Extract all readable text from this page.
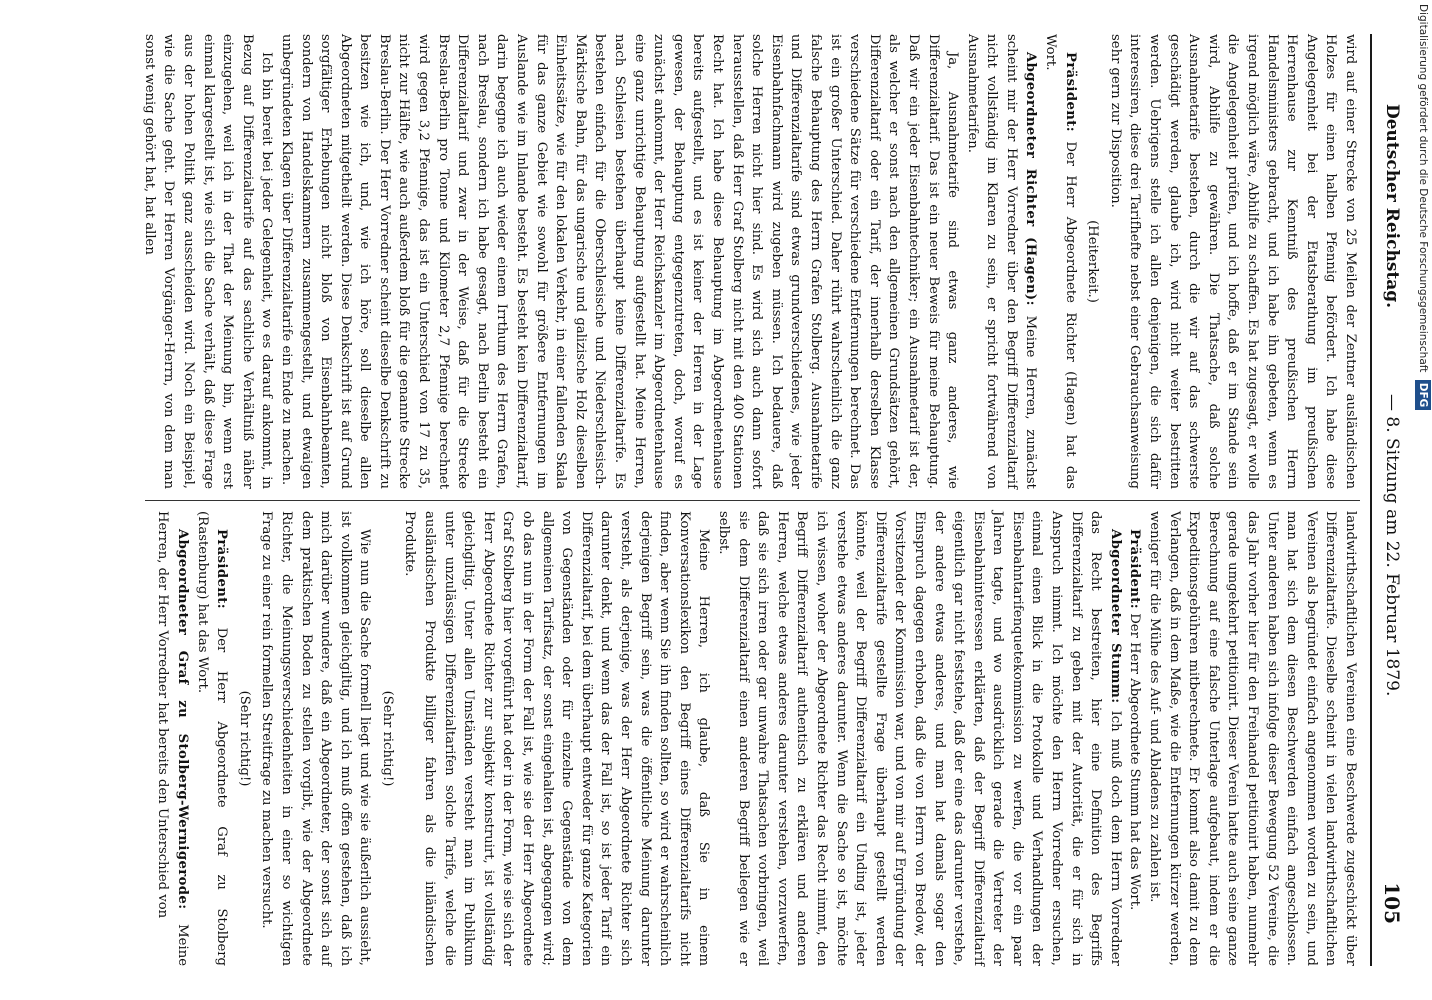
Deutscher Reichstag.
— 8. Sitzung am 22. Februar 1879.
105

wird auf einer Strecke von 25 Meilen der Zentner ausländischen Holzes für einen halben Pfennig befördert. Ich habe diese Angelegenheit bei der Etatsberathung im preußischen Herrenhause zur Kenntniß des preußischen Herrn Handelsministers gebracht, und ich habe ihn gebeten, wenn es irgend möglich wäre, Abhilfe zu schaffen. Es hat zugesagt, er wolle die Angelegenheit prüfen, und ich hoffe, daß er im Stande sein wird, Abhilfe zu gewähren. Die Thatsache, daß solche Ausnahmetarife bestehen, durch die wir auf das schwerste geschädigt werden, glaube ich, wird nicht weiter bestritten werden. Uebrigens stelle ich allen denjenigen, die sich dafür interessiren, diese drei Tarifhefte nebst einer Gebrauchsanweisung sehr gern zur Disposition.

(Heiterkeit.)

Präsident: Der Herr Abgeordnete Richter (Hagen) hat das Wort.

Abgeordneter Richter (Hagen): Meine Herren, zunächst scheint mir der Herr Vorredner über den Begriff Differenzialtarif nicht vollständig im Klaren zu sein, er spricht fortwährend von Ausnahmetarifen.

Ja, Ausnahmetarife sind etwas ganz anderes, wie Differenzialtarif. Das ist ein neuer Beweis für meine Behauptung. Daß wir ein jeder Eisenbahntechniker; ein Ausnahmetarif ist der, als welcher er sonst nach den allgemeinen Grundsätzen gehört, Differenzialtarif oder ein Tarif, der innerhalb derselben Klasse verschiedene Sätze für verschiedene Entfernungen berechnet. Das ist ein großer Unterschied. Daher rührt wahrscheinlich die ganz falsche Behauptung des Herrn Grafen Stolberg. Ausnahmetarife und Differenzialtarife sind etwas grundverschiedenes, wie jeder Eisenbahnfachmann wird zugeben müssen. Ich bedauere, daß solche Herren nicht hier sind. Es wird sich auch dann sofort herausstellen, daß Herr Graf Stolberg nicht mit den 400 Stationen Recht hat. Ich habe diese Behauptung im Abgeordnetenhause bereits aufgestellt, und es ist keiner der Herren in der Lage gewesen, der Behauptung entgegenzutreten, doch, worauf es zunächst ankommt, der Herr Reichskanzler im Abgeordnetenhause eine ganz unrichtige Behauptung aufgestellt hat. Meine Herren, nach Schlesien bestehen überhaupt keine Differenzialtarife. Es bestehen einfach für die Oberschlesische und Niederschlesisch-Märkische Bahn, für das ungarische und galizische Holz dieselben Einheitssätze, wie für den lokalen Verkehr, in einer fallenden Skala für das ganze Gebiet wie sowohl für größere Entfernungen im Auslande wie im Inlande besteht. Es besteht kein Differenzialtarif, darin begegne ich auch wieder einem Irrthum des Herrn Grafen, nach Breslau, sondern ich habe gesagt, nach Berlin besteht ein Differenzialtarif und zwar in der Weise, daß für die Strecke Breslau-Berlin pro Tonne und Kilometer 2,7 Pfennige berechnet wird gegen 3,2 Pfennige, das ist ein Unterschied von 17 zu 35, nicht zur Hälfte, wie auch außerdem bloß für die genannte Strecke Breslau-Berlin. Der Herr Vorredner scheint dieselbe Denkschrift zu besitzen wie ich, und, wie ich höre, soll dieselbe allen Abgeordneten mitgetheilt werden. Diese Denkschrift ist auf Grund sorgfältiger Erhebungen nicht bloß von Eisenbahnbeamten, sondern von Handelskammern zusammengestellt, und etwaigen unbegründeten Klagen über Differenzialtarife ein Ende zu machen.

Ich bin bereit bei jeder Gelegenheit, wo es darauf ankommt, in Bezug auf Differenzialtarife auf das sachliche Verhältniß näher einzugehen, weil ich in der That der Meinung bin, wenn erst einmal klargestellt ist, wie sich die Sache verhält, daß diese Frage aus der hohen Politik ganz ausscheiden wird. Noch ein Beispiel, wie die Sache geht. Der Herren Vorgänger-Herrn, von dem man sonst wenig gehört hat, hat allen

landwirthschaftlichen Vereinen eine Beschwerde zugeschickt über Differenzialtarife. Dieselbe scheint in vielen landwirthschaftlichen Vereinen als begründet einfach angenommen worden zu sein, und man hat sich dem diesen Beschwerden einfach angeschlossen. Unter anderen haben sich infolge dieser Bewegung 52 Vereine, die das Jahr vorher hier für den Freihandel petitionirt haben, nunmehr gerade umgekehrt petitionirt. Dieser Verein hatte auch seine ganze Berechnung auf eine falsche Unterlage aufgebaut, indem er die Expeditionsgebühren mitberechnete. Er kommt also damit zu dem Verlangen, daß in dem Maße, wie die Entfernungen kürzer werden, weniger für die Mühe des Auf- und Abladens zu zahlen ist.

Präsident: Der Herr Abgeordnete Stumm hat das Wort.

Abgeordneter Stumm: Ich muß doch dem Herrn Vorredner das Recht bestreiten, hier eine Definition des Begriffs Differenzialtarif zu geben mit der Autorität, die er für sich in Anspruch nimmt. Ich möchte den Herrn Vorredner ersuchen, einmal einen Blick in die Protokolle und Verhandlungen der Eisenbahntarifenquetekommission zu werfen, die vor ein paar Jahren tagte, und wo ausdrücklich gerade die Vertreter der Eisenbahninteressen erklärten, daß der Begriff Differenzialtarif eigentlich gar nicht feststehe, daß der eine das darunter verstehe, der andere etwas anderes, und man hat damals sogar den Einspruch dagegen erhoben, daß die von Herrn von Bredow, der Vorsitzender der Kommission war, und von mir auf Ergründung der Differenzialtarife gestellte Frage überhaupt gestellt werden könnte, weil der Begriff Differenzialtarif ein Unding ist, jeder verstehe etwas anderes darunter. Wenn die Sache so ist, möchte ich wissen, woher der Abgeordnete Richter das Recht nimmt, den Begriff Differenzialtarif authentisch zu erklären und anderen Herren, welche etwas anderes darunter verstehen, vorzuwerfen, daß sie sich irren oder gar unwahre Thatsachen vorbringen, weil sie dem Differenzialtarif einen anderen Begriff beilegen wie er selbst.

Meine Herren, ich glaube, daß Sie in einem Konversationslexikon den Begriff eines Differenzialtarifs nicht finden, aber wenn Sie ihn finden sollten, so wird er wahrscheinlich derjenigen Begriff sein, was die öffentliche Meinung darunter versteht, als derjenige, was der Herr Abgeordnete Richter sich darunter denkt, und wenn das der Fall ist, so ist jeder Tarif ein Differenzialtarif, bei dem überhaupt entweder für ganze Kategorien von Gegenständen oder für einzelne Gegenstände von dem allgemeinen Tarifsatz, der sonst eingehalten ist, abgegangen wird; ob das nun in der Form der Fall ist, wie sie der Herr Abgeordnete Graf Stolberg hier vorgeführt hat oder in der Form, wie sie sich der Herr Abgeordnete Richter zur subjektiv konstruirt, ist vollständig gleichgiltig. Unter allen Umständen versteht man im Publikum unter unzulässigen Differenzialtarifen solche Tarife, welche die ausländischen Produkte billiger fahren als die inländischen Produkte.

(Sehr richtig!)

Wie nun die Sache formell liegt und wie sie äußerlich aussieht, ist vollkommen gleichgiltig, und ich muß offen gestehen, daß ich mich darüber wundere, daß ein Abgeordneter, der sonst sich auf dem praktischen Boden zu stellen vorgibt, wie der Abgeordnete Richter, die Meinungsverschiedenheiten in einer so wichtigen Frage zu einer rein formellen Streitfrage zu machen versucht.

(Sehr richtig!)

Präsident: Der Herr Abgeordnete Graf zu Stolberg (Rastenburg) hat das Wort.

Abgeordneter Graf zu Stolberg-Wernigerode: Meine Herren, der Herr Vorredner hat bereits den Unterschied von

Digitalisierung gefördert durch die Deutsche Forschungsgemeinschaft DFG
